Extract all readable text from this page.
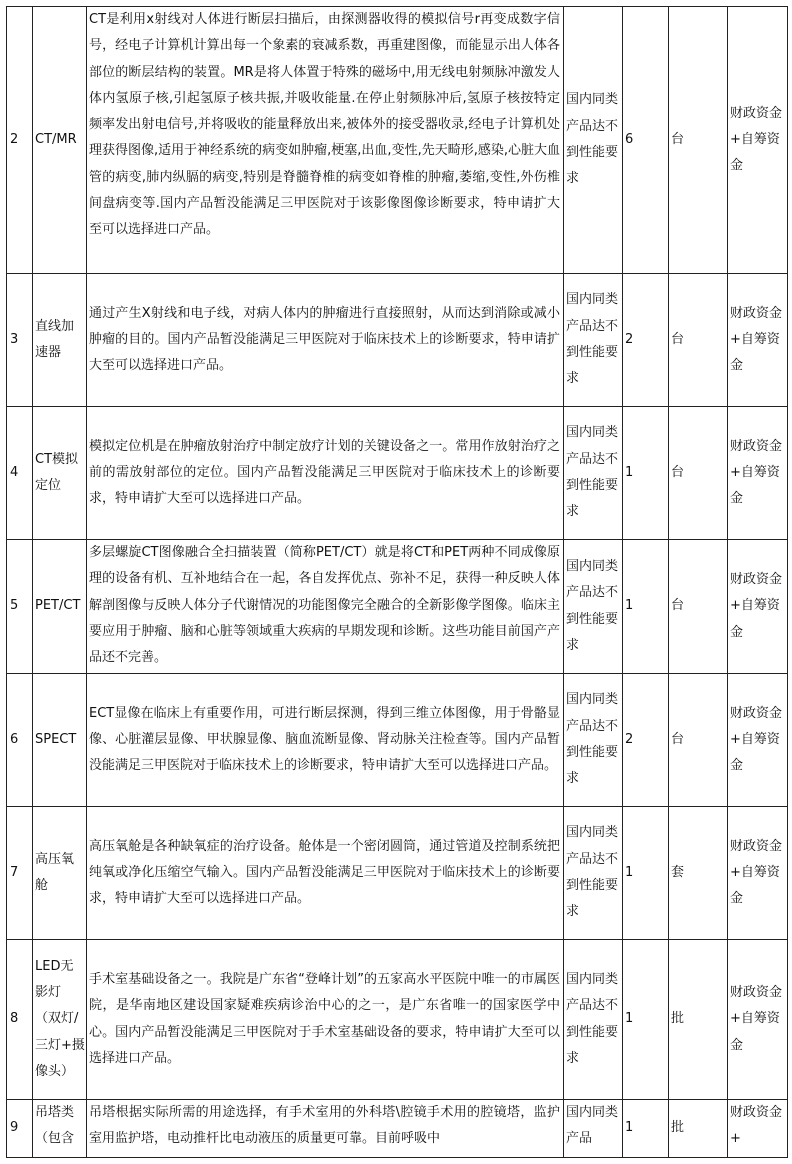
2	CT/MR	CT是利用x射线对人体进行断层扫描后，由探测器收得的模拟信号r再变成数字信号，经电子计算机计算出每一个象素的衰减系数，再重建图像，而能显示出人体各部位的断层结构的装置。MR是将人体置于特殊的磁场中,用无线电射频脉冲激发人体内氢原子核,引起氢原子核共振,并吸收能量.在停止射频脉冲后,氢原子核按特定频率发出射电信号,并将吸收的能量释放出来,被体外的接受器收录,经电子计算机处理获得图像,适用于神经系统的病变如肿瘤,梗塞,出血,变性,先天畸形,感染,心脏大血管的病变,肺内纵膈的病变,特别是脊髓脊椎的病变如脊椎的肿瘤,萎缩,变性,外伤椎间盘病变等.国内产品暂没能满足三甲医院对于该影像图像诊断要求，特申请扩大至可以选择进口产品。	国内同类产品达不到性能要求	6	台	财政资金+自筹资金
3	直线加速器	通过产生X射线和电子线，对病人体内的肿瘤进行直接照射，从而达到消除或减小肿瘤的目的。国内产品暂没能满足三甲医院对于临床技术上的诊断要求，特申请扩大至可以选择进口产品。	国内同类产品达不到性能要求	2	台	财政资金+自筹资金
4	CT模拟定位	模拟定位机是在肿瘤放射治疗中制定放疗计划的关键设备之一。常用作放射治疗之前的需放射部位的定位。国内产品暂没能满足三甲医院对于临床技术上的诊断要求，特申请扩大至可以选择进口产品。	国内同类产品达不到性能要求	1	台	财政资金+自筹资金
5	PET/CT	多层螺旋CT图像融合全扫描装置（简称PET/CT）就是将CT和PET两种不同成像原理的设备有机、互补地结合在一起，各自发挥优点、弥补不足，获得一种反映人体解剖图像与反映人体分子代谢情况的功能图像完全融合的全新影像学图像。临床主要应用于肿瘤、脑和心脏等领域重大疾病的早期发现和诊断。这些功能目前国产产品还不完善。	国内同类产品达不到性能要求	1	台	财政资金+自筹资金
6	SPECT	ECT显像在临床上有重要作用，可进行断层探测，得到三维立体图像，用于骨骼显像、心脏灌层显像、甲状腺显像、脑血流断显像、肾动脉关注检查等。国内产品暂没能满足三甲医院对于临床技术上的诊断要求，特申请扩大至可以选择进口产品。	国内同类产品达不到性能要求	2	台	财政资金+自筹资金
7	高压氧舱	高压氧舱是各种缺氧症的治疗设备。舱体是一个密闭圆筒，通过管道及控制系统把纯氧或净化压缩空气输入。国内产品暂没能满足三甲医院对于临床技术上的诊断要求，特申请扩大至可以选择进口产品。	国内同类产品达不到性能要求	1	套	财政资金+自筹资金
8	LED无影灯（双灯/三灯+摄像头）	手术室基础设备之一。我院是广东省“登峰计划”的五家高水平医院中唯一的市属医院，是华南地区建设国家疑难疾病诊治中心的之一，是广东省唯一的国家医学中心。国内产品暂没能满足三甲医院对于手术室基础设备的要求，特申请扩大至可以选择进口产品。	国内同类产品达不到性能要求	1	批	财政资金+自筹资金
9	吊塔类（包含	吊塔根据实际所需的用途选择，有手术室用的外科塔\腔镜手术用的腔镜塔，监护室用监护塔，电动推杆比电动液压的质量更可靠。目前呼吸中	国内同类产品	1	批	财政资金+
